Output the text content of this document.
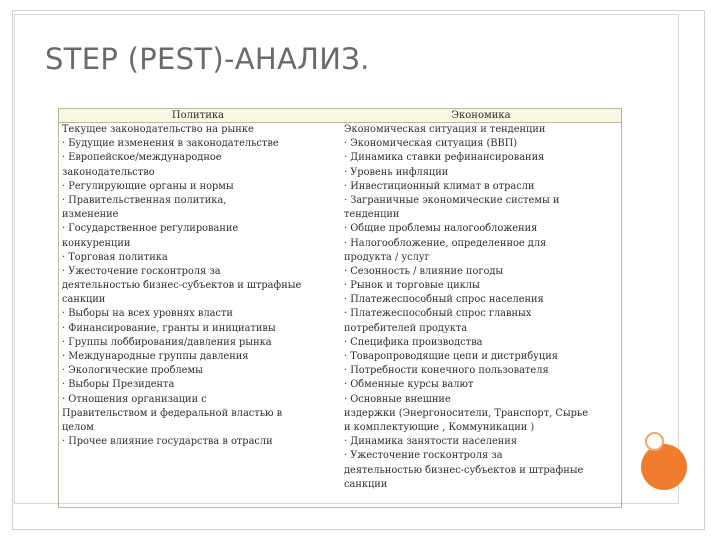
STEP (PEST)-АНАЛИЗ.
Политика
Текущее законодательство на рынке
· Будущие изменения в законодательстве
· Европейское/международное
законодательство
· Регулирующие органы и нормы
· Правительственная политика,
изменение
· Государственное регулирование
конкуренции
· Торговая политика
· Ужесточение госконтроля за
деятельностью бизнес-субъектов и штрафные
санкции
· Выборы на всех уровнях власти
· Финансирование, гранты и инициативы
· Группы лоббирования/давления рынка
· Международные группы давления
· Экологические проблемы
· Выборы Президента
· Отношения организации с
Правительством и федеральной властью в
целом
· Прочее влияние государства в отрасли
Экономика
Экономическая ситуация и тенденции
· Экономическая ситуация (ВВП)
· Динамика ставки рефинансирования
· Уровень инфляции
· Инвестиционный климат в отрасли
· Заграничные экономические системы и
тенденции
· Общие проблемы налогообложения
· Налогообложение, определенное для
продукта / услуг
· Сезонность / влияние погоды
· Рынок и торговые циклы
· Платежеспособный спрос населения
· Платежеспособный спрос главных
потребителей продукта
· Специфика производства
· Товаропроводящие цепи и дистрибуция
· Потребности конечного пользователя
· Обменные курсы валют
· Основные внешние
издержки (Энергоносители, Транспорт, Сырье
и комплектующие , Коммуникации )
· Динамика занятости населения
· Ужесточение госконтроля за
деятельностью бизнес-субъектов и штрафные
санкции
